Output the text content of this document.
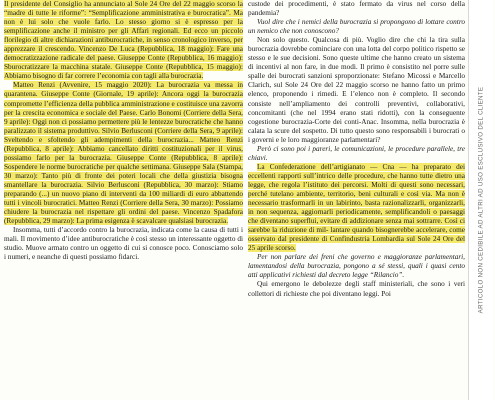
Il presidente del Consiglio ha annunciato al Sole 24 Ore del 22 maggio scorso la “madre di tutte le riforme”: “Semplificazione amministrativa e burocratica”. Ma non è lui solo che vuole farlo. Lo stesso giorno si è espresso per la semplificazione anche il ministro per gli Affari regionali. Ed ecco un piccolo florilegio di altre dichiarazioni antiburocratiche, in senso cronologico inverso, per apprezzare il crescendo. Vincenzo De Luca (Repubblica, 18 maggio): Fare una democratizzazione radicale del paese. Giuseppe Conte (Repubblica, 16 maggio): Sburocratizzare la macchina statale. Giuseppe Conte (Repubblica, 15 maggio): Abbiamo bisogno di far correre l’economia con tagli alla burocrazia.

Matteo Renzi (Avvenire, 15 maggio 2020): La burocrazia va messa in quarantena. Giuseppe Conte (Giornale, 19 aprile): Ancora oggi la burocrazia compromette l’efficienza della pubblica amministrazione e costituisce una zavorra per la crescita economica e sociale del Paese. Carlo Bonomi (Corriere della Sera, 9 aprile): Oggi non ci possiamo permettere più le lentezze burocratiche che hanno paralizzato il sistema produttivo. Silvio Berlusconi (Corriere della Sera, 9 aprile): Sveltendo e sfoltendo gli adempimenti della burocrazia... Matteo Renzi (Repubblica, 8 aprile): Abbiamo cancellato diritti costituzionali per il virus, possiamo farlo per la burocrazia. Giuseppe Conte (Repubblica, 8 aprile): Sospendere le norme burocratiche per qualche settimana. Giuseppe Sala (Stampa, 30 marzo): Tanto più di fronte dei poteri locali che della giustizia bisogna smantellare la burocrazia. Silvio Berlusconi (Repubblica, 30 marzo): Stiamo preparando (...) un nuovo piano di interventi da 100 miliardi di euro abbattendo tutti i vincoli burocratici. Matteo Renzi (Corriere della Sera, 30 marzo): Possiamo chiudere la burocrazia nel rispettare gli ordini del paese. Vincenzo Spadafora (Repubblica, 29 marzo): La prima esigenza è scavalcare qualsiasi burocrazia.

Insomma, tutti d’accordo contro la burocrazia, indicata come la causa di tutti i mali. Il movimento d’idee antiburocratiche è così stesso un interessante oggetto di studio. Muove armato contro un oggetto di cui si conosce poco. Conosciamo solo i numeri, e neanche di questi possiamo fidarci.

custode dei procedimenti, è stato fermato da virus nel corso della pandemia?

Vuol dire che i nemici della burocrazia si propongono di lottare contro un nemico che non conoscono?

Non solo questo. Qualcosa di più. Voglio dire che chi la tira sulla burocrazia dovrebbe cominciare con una lotta del corpo politico rispetto se stesso e le sue decisioni. Sono queste ultime che hanno creato un sistema di incentivi al non fare, in due modi. Il primo è consistito nel porre sulle spalle dei burocrati sanzioni sproporzionate: Stefano Micossi e Marcello Clarich, sul Sole 24 Ore del 22 maggio scorso ne hanno fatto un primo elenco, proponendo i rimedi. E l’elenco non è completo. Il secondo consiste nell’ampliamento dei controlli preventivi, collaborativi, concomitanti (che nel 1994 erano stati ridotti), con la conseguente cogestione burocrazia-Corte dei conti-Anac. Insomma, nella burocrazia è calata la scure del sospetto. Di tutto questo sono responsabili i burocrati o i governi e le loro maggioranze parlamentari?

Però ci sono poi i pareri, le comunicazioni, le procedure parallele, tre chiavi.

La Confederazione dell’artigianato — Cna — ha preparato dei eccellenti rapporti sull’intrico delle procedure, che hanno tutte dietro una legge, che regola l’istituto dei percorsi. Molti di questi sono necessari, perché tutelano ambiente, territorio, beni culturali e così via. Ma non è necessario trasformarli in un labirinto, basta razionalizzarli, organizzarli, in non sequenza, aggiornarli periodicamente, semplificandoli o paesaggi che diventano superflui, evitare di addizionare senza mai sottrarre. Così ci sarebbe la riduzione di mil- lantare quando bisognerebbe accelerare, come osservato dal presidente di Confindustria Lombardia sul Sole 24 Ore del 25 aprile scorso.

Per non parlare dei freni che governo e maggioranze parlamentari, lamentandosi della burocrazia, pongono a sé stessi, quali i quasi cento atti applicativi richiesti dal decreto legge “Rilancio”.

Qui emergono le debolezze degli staff ministeriali, che sono i veri collettori di richieste che poi diventano leggi. Poi	ARTICOLO NON CEDIBILE AD ALTRI AD USO ESCLUSIVO DEL CLIENTE
